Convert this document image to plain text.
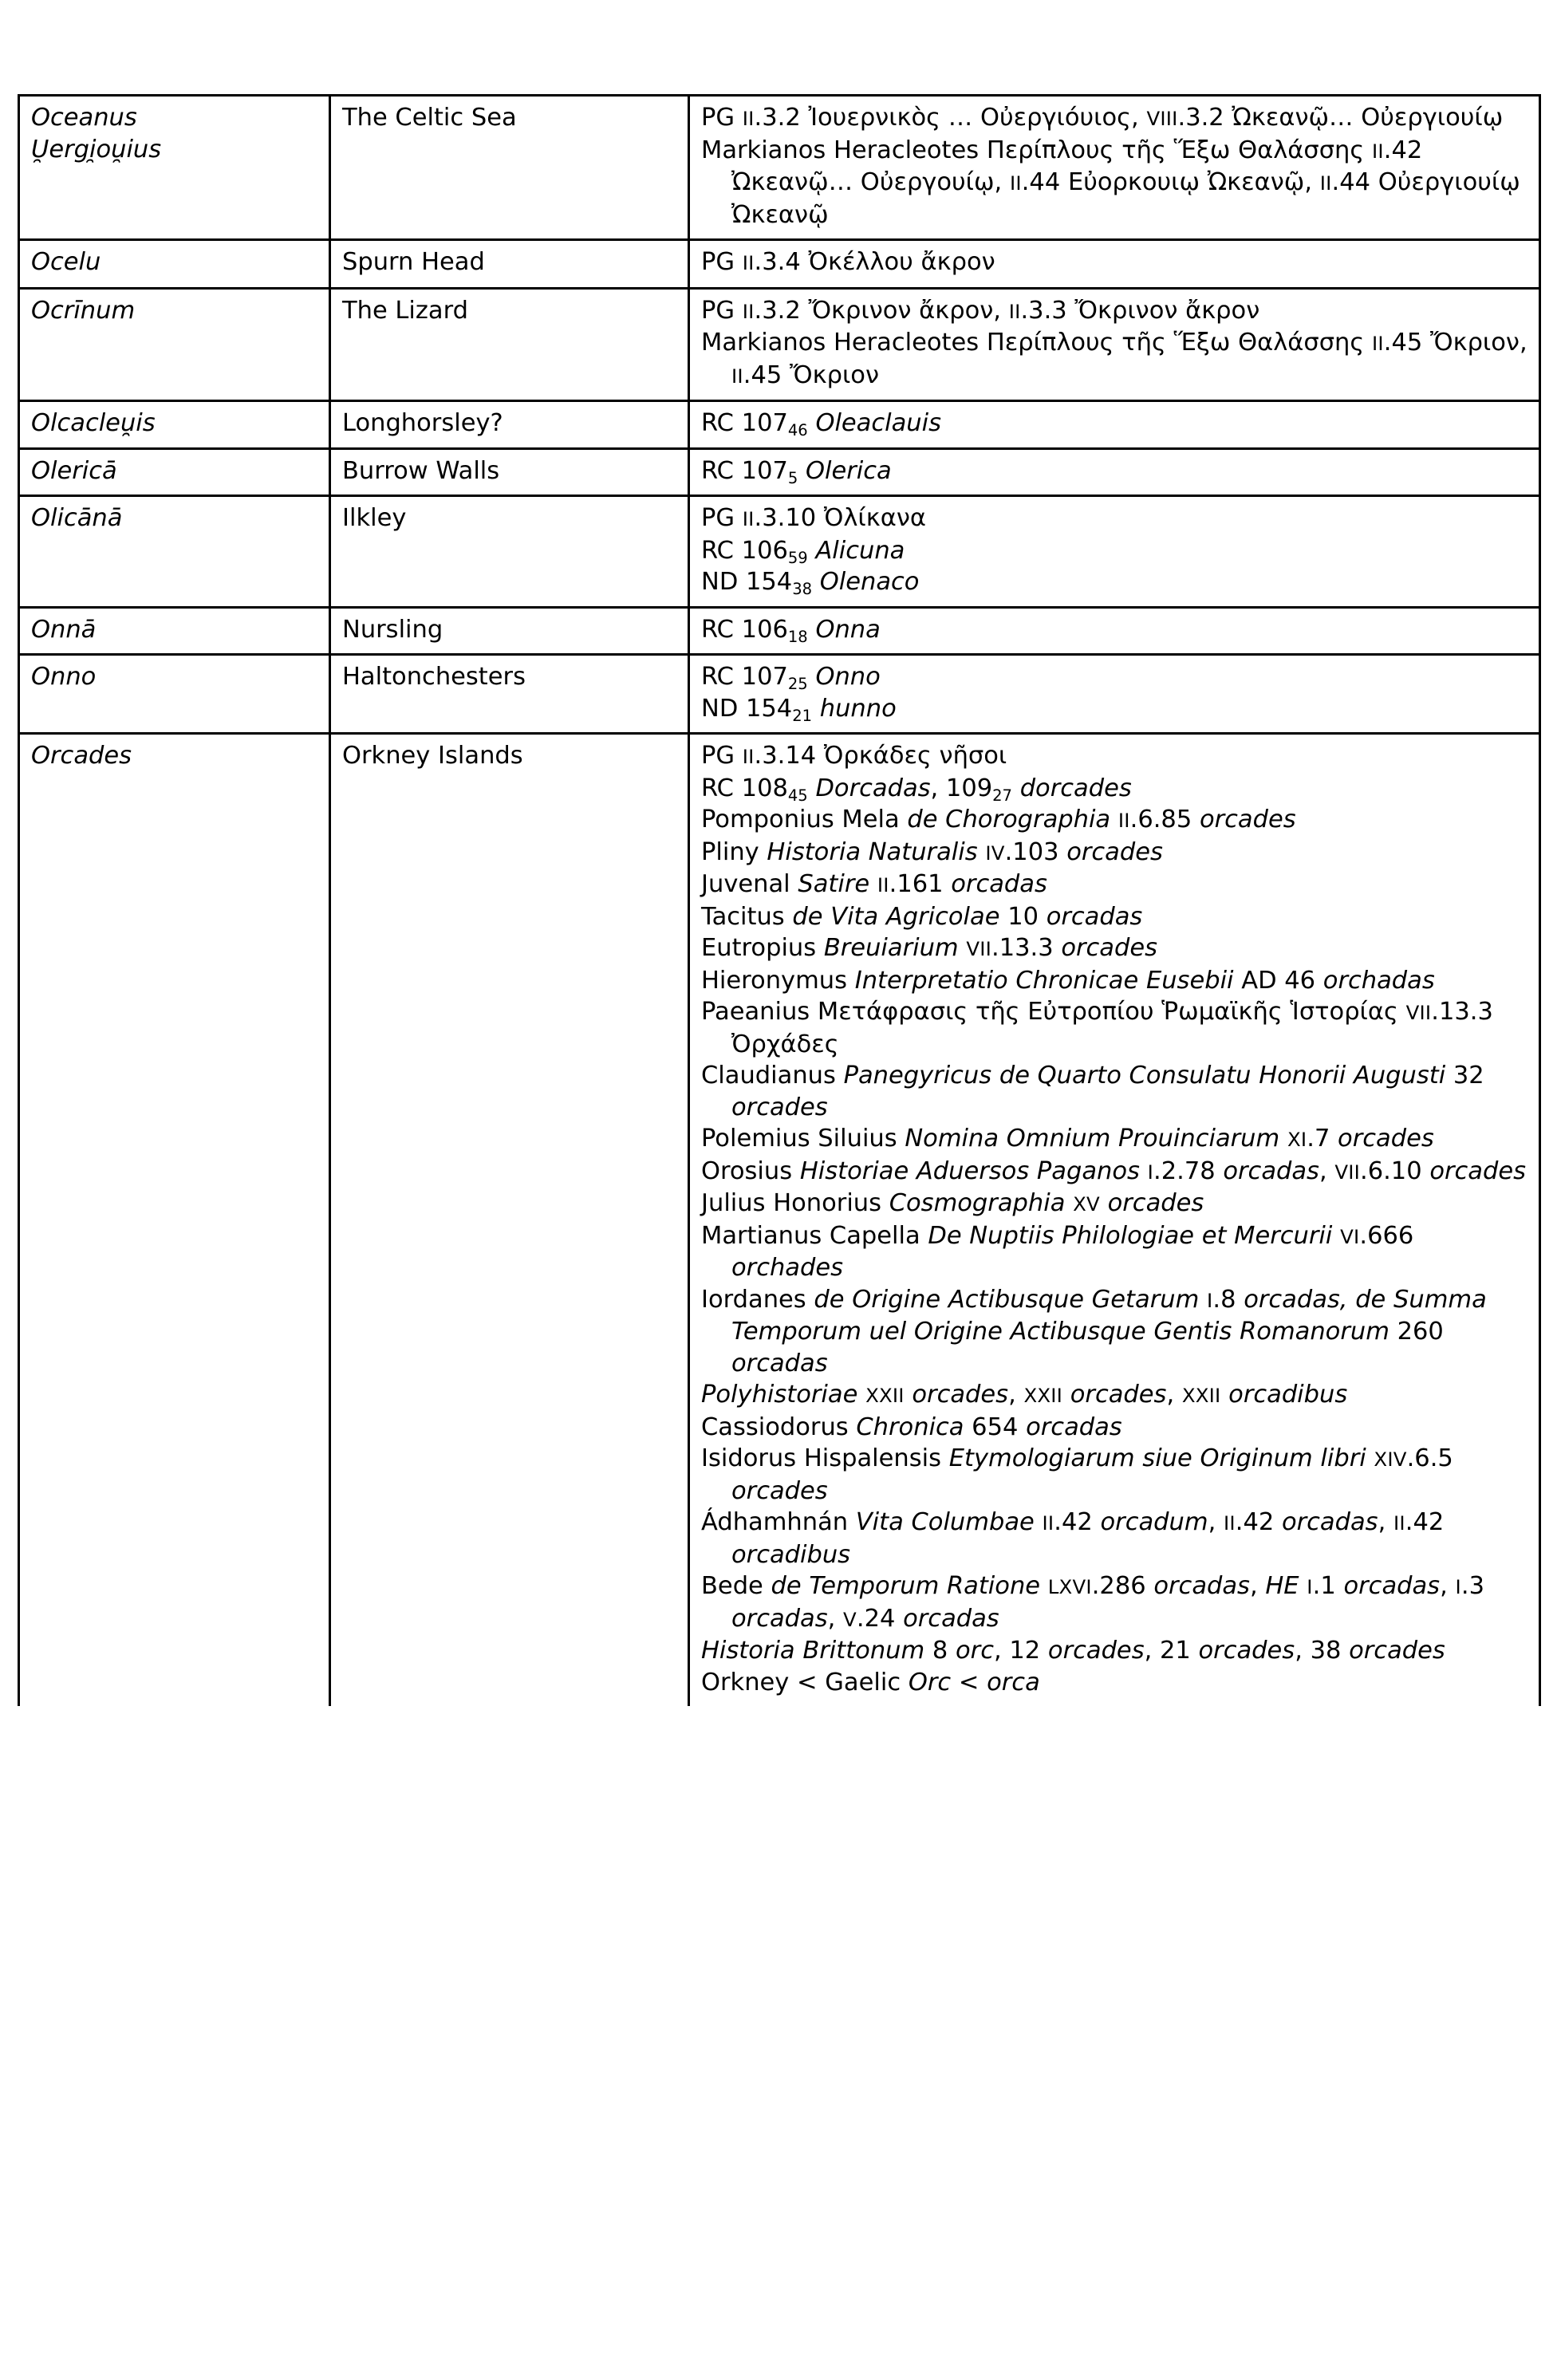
Oceanus
U̯ergi̯ou̯ius	The Celtic Sea	PG II.3.2 Ἰουερνικὸς … Οὐεργιόυιος, VIII.3.2 Ὠκεανῷ… Οὐεργιουίῳ
Markianos Heracleotes Περίπλους τῆς Ἕξω Θαλάσσης II.42 Ὠκεανῷ… Οὐεργουίῳ, II.44 Εὐορκουιῳ Ὠκεανῷ, II.44 Οὐεργιουίῳ Ὠκεανῷ

Ocelu	Spurn Head	PG II.3.4 Ὀκέλλου ἄκρον

Ocrīnum	The Lizard	PG II.3.2 Ὄκρινον ἄκρον, II.3.3 Ὄκρινον ἄκρον
Markianos Heracleotes Περίπλους τῆς Ἕξω Θαλάσσης II.45 Ὄκριον, II.45 Ὄκριον

Olcacleu̯is	Longhorsley?	RC $107_{46}$ Oleaclauis

Olericā	Burrow Walls	RC $107_5$ Olerica

Olicānā	Ilkley	PG II.3.10 Ὀλίκανα
RC $106_{59}$ Alicuna
ND $154_{38}$ Olenaco

Onnā	Nursling	RC $106_{18}$ Onna

Onno	Haltonchesters	RC $107_{25}$ Onno
ND $154_{21}$ hunno

Orcades	Orkney Islands	PG II.3.14 Ὀρκάδες νῆσοι
RC $108_{45}$ Dorcadas, $109_{27}$ dorcades
Pomponius Mela de Chorographia II.6.85 orcades
Pliny Historia Naturalis IV.103 orcades
Juvenal Satire II.161 orcadas
Tacitus de Vita Agricolae 10 orcadas
Eutropius Breuiarium VII.13.3 orcades
Hieronymus Interpretatio Chronicae Eusebii AD 46 orchadas
Paeanius Μετάφρασις τῆς Εὐτροπίου Ῥωμαϊκῆς Ἱστορίας VII.13.3 Ὀρχάδες
Claudianus Panegyricus de Quarto Consulatu Honorii Augusti 32 orcades
Polemius Siluius Nomina Omnium Prouinciarum XI.7 orcades
Orosius Historiae Aduersos Paganos I.2.78 orcadas, VII.6.10 orcades
Julius Honorius Cosmographia XV orcades
Martianus Capella De Nuptiis Philologiae et Mercurii VI.666 orchades
Iordanes de Origine Actibusque Getarum I.8 orcadas, de Summa Temporum uel Origine Actibusque Gentis Romanorum 260 orcadas
Polyhistoriae XXII orcades, XXII orcades, XXII orcadibus
Cassiodorus Chronica 654 orcadas
Isidorus Hispalensis Etymologiarum siue Originum libri XIV.6.5 orcades
Ádhamhnán Vita Columbae II.42 orcadum, II.42 orcadas, II.42 orcadibus
Bede de Temporum Ratione LXVI.286 orcadas, HE I.1 orcadas, I.3 orcadas, V.24 orcadas
Historia Brittonum 8 orc, 12 orcades, 21 orcades, 38 orcades
Orkney < Gaelic Orc < orca
